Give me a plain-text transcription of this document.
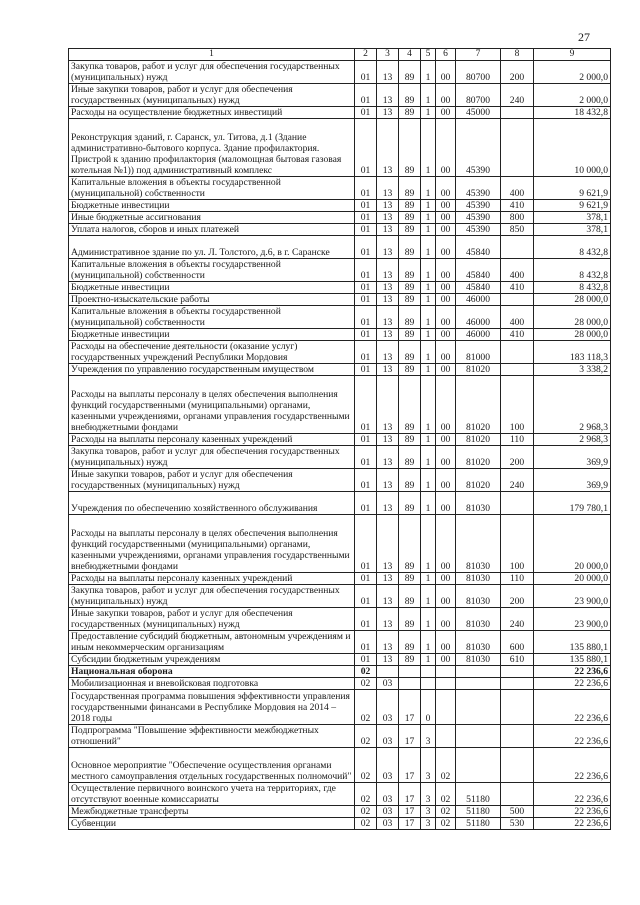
27
1	2	3	4	5	6	7	8	9
Закупка товаров, работ и услуг для обеспечения государственных (муниципальных) нужд	01	13	89	1	00	80700	200	2 000,0
Иные закупки товаров, работ и услуг для обеспечения государственных (муниципальных) нужд	01	13	89	1	00	80700	240	2 000,0
Расходы на осуществление бюджетных инвестиций	01	13	89	1	00	45000		18 432,8
Реконструкция зданий, г. Саранск, ул. Титова, д.1 (Здание административно-бытового корпуса. Здание профилактория. Пристрой к зданию профилактория (маломощная бытовая газовая котельная №1)) под административный комплекс	01	13	89	1	00	45390		10 000,0
Капитальные вложения в объекты государственной (муниципальной) собственности	01	13	89	1	00	45390	400	9 621,9
Бюджетные инвестиции	01	13	89	1	00	45390	410	9 621,9
Иные бюджетные ассигнования	01	13	89	1	00	45390	800	378,1
Уплата налогов, сборов и иных платежей	01	13	89	1	00	45390	850	378,1
Административное здание по ул. Л. Толстого, д.6, в г. Саранске	01	13	89	1	00	45840		8 432,8
Капитальные вложения в объекты государственной (муниципальной) собственности	01	13	89	1	00	45840	400	8 432,8
Бюджетные инвестиции	01	13	89	1	00	45840	410	8 432,8
Проектно-изыскательские работы	01	13	89	1	00	46000		28 000,0
Капитальные вложения в объекты государственной (муниципальной) собственности	01	13	89	1	00	46000	400	28 000,0
Бюджетные инвестиции	01	13	89	1	00	46000	410	28 000,0
Расходы на обеспечение деятельности (оказание услуг) государственных учреждений Республики Мордовия	01	13	89	1	00	81000		183 118,3
Учреждения по управлению государственным имуществом	01	13	89	1	00	81020		3 338,2
Расходы на выплаты персоналу в целях обеспечения выполнения функций государственными (муниципальными) органами, казенными учреждениями, органами управления государственными внебюджетными фондами	01	13	89	1	00	81020	100	2 968,3
Расходы на выплаты персоналу казенных учреждений	01	13	89	1	00	81020	110	2 968,3
Закупка товаров, работ и услуг для обеспечения государственных (муниципальных) нужд	01	13	89	1	00	81020	200	369,9
Иные закупки товаров, работ и услуг для обеспечения государственных (муниципальных) нужд	01	13	89	1	00	81020	240	369,9
Учреждения по обеспечению хозяйственного обслуживания	01	13	89	1	00	81030		179 780,1
Расходы на выплаты персоналу в целях обеспечения выполнения функций государственными (муниципальными) органами, казенными учреждениями, органами управления государственными внебюджетными фондами	01	13	89	1	00	81030	100	20 000,0
Расходы на выплаты персоналу казенных учреждений	01	13	89	1	00	81030	110	20 000,0
Закупка товаров, работ и услуг для обеспечения государственных (муниципальных) нужд	01	13	89	1	00	81030	200	23 900,0
Иные закупки товаров, работ и услуг для обеспечения государственных (муниципальных) нужд	01	13	89	1	00	81030	240	23 900,0
Предоставление субсидий бюджетным, автономным учреждениям и иным некоммерческим организациям	01	13	89	1	00	81030	600	135 880,1
Субсидии бюджетным учреждениям	01	13	89	1	00	81030	610	135 880,1
Национальная оборона	02							22 236,6
Мобилизационная и вневойсковая подготовка	02	03						22 236,6
Государственная программа повышения эффективности управления государственными финансами в Республике Мордовия на 2014 – 2018 годы	02	03	17	0				22 236,6
Подпрограмма "Повышение эффективности межбюджетных отношений"	02	03	17	3				22 236,6
Основное мероприятие "Обеспечение осуществления органами местного самоуправления отдельных государственных полномочий"	02	03	17	3	02			22 236,6
Осуществление первичного воинского учета на территориях, где отсутствуют военные комиссариаты	02	03	17	3	02	51180		22 236,6
Межбюджетные трансферты	02	03	17	3	02	51180	500	22 236,6
Субвенции	02	03	17	3	02	51180	530	22 236,6
